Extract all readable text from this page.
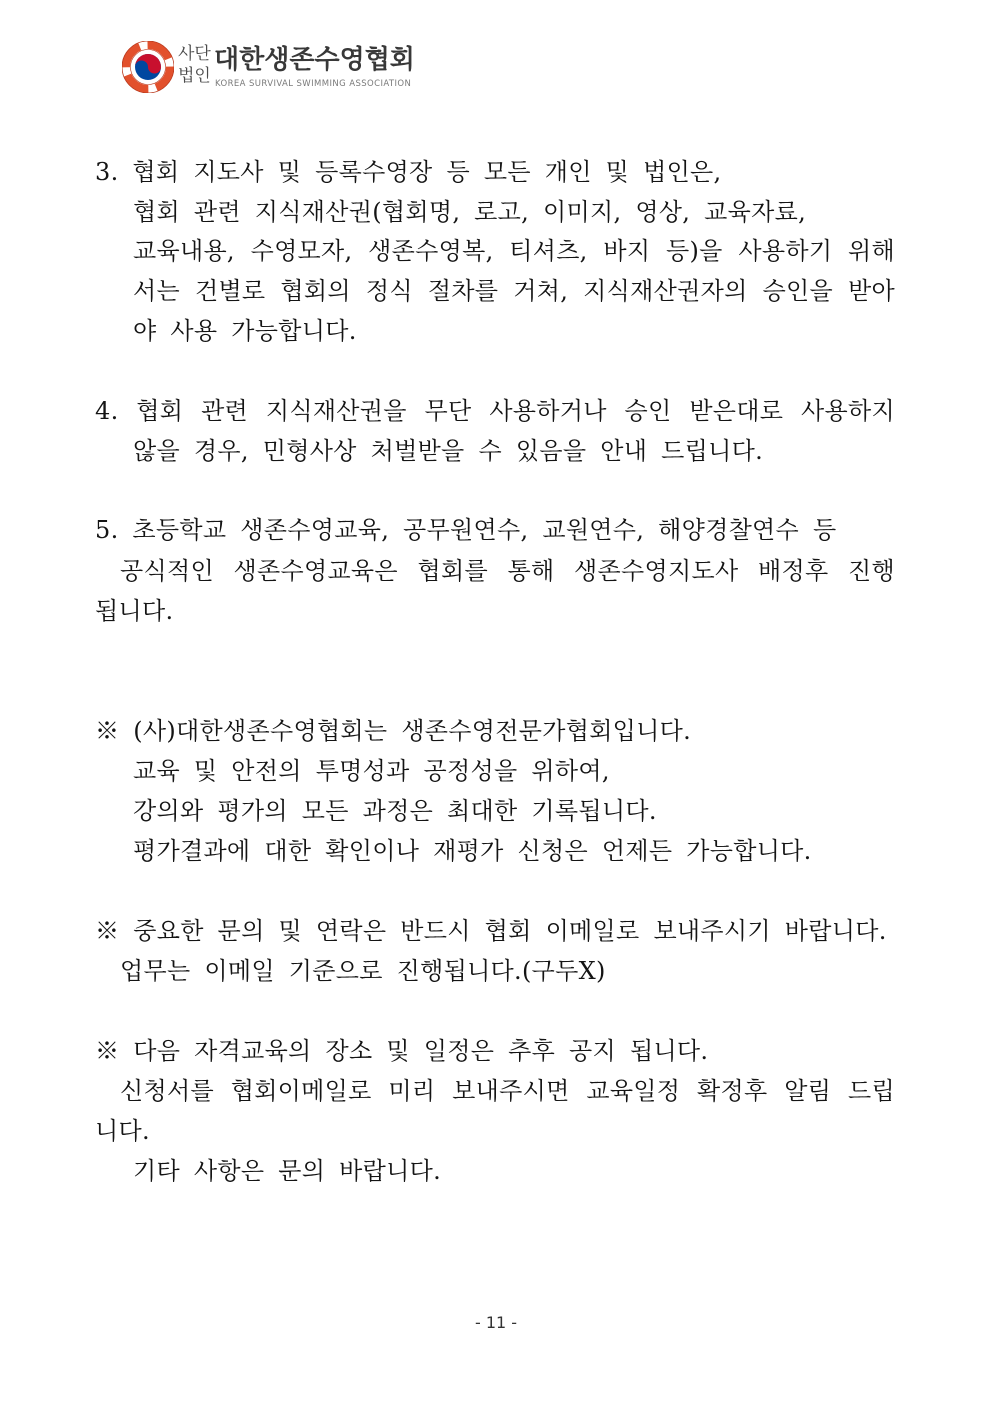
사단
법인
대한생존수영협회
KOREA SURVIVAL SWIMMING ASSOCIATION
3. 협회 지도사 및 등록수영장 등 모든 개인 및 법인은,
협회 관련 지식재산권(협회명, 로고, 이미지, 영상, 교육자료,
교육내용, 수영모자, 생존수영복, 티셔츠, 바지 등)을 사용하기 위해
서는 건별로 협회의 정식 절차를 거쳐, 지식재산권자의 승인을 받아
야 사용 가능합니다.
4. 협회 관련 지식재산권을 무단 사용하거나 승인 받은대로 사용하지
않을 경우, 민형사상 처벌받을 수 있음을 안내 드립니다.
5. 초등학교 생존수영교육, 공무원연수, 교원연수, 해양경찰연수 등
공식적인 생존수영교육은 협회를 통해 생존수영지도사 배정후 진행
됩니다.
※ (사)대한생존수영협회는 생존수영전문가협회입니다.
교육 및 안전의 투명성과 공정성을 위하여,
강의와 평가의 모든 과정은 최대한 기록됩니다.
평가결과에 대한 확인이나 재평가 신청은 언제든 가능합니다.
※ 중요한 문의 및 연락은 반드시 협회 이메일로 보내주시기 바랍니다.
업무는 이메일 기준으로 진행됩니다.(구두X)
※ 다음 자격교육의 장소 및 일정은 추후 공지 됩니다.
신청서를 협회이메일로 미리 보내주시면 교육일정 확정후 알림 드립
니다.
기타 사항은 문의 바랍니다.
- 11 -
